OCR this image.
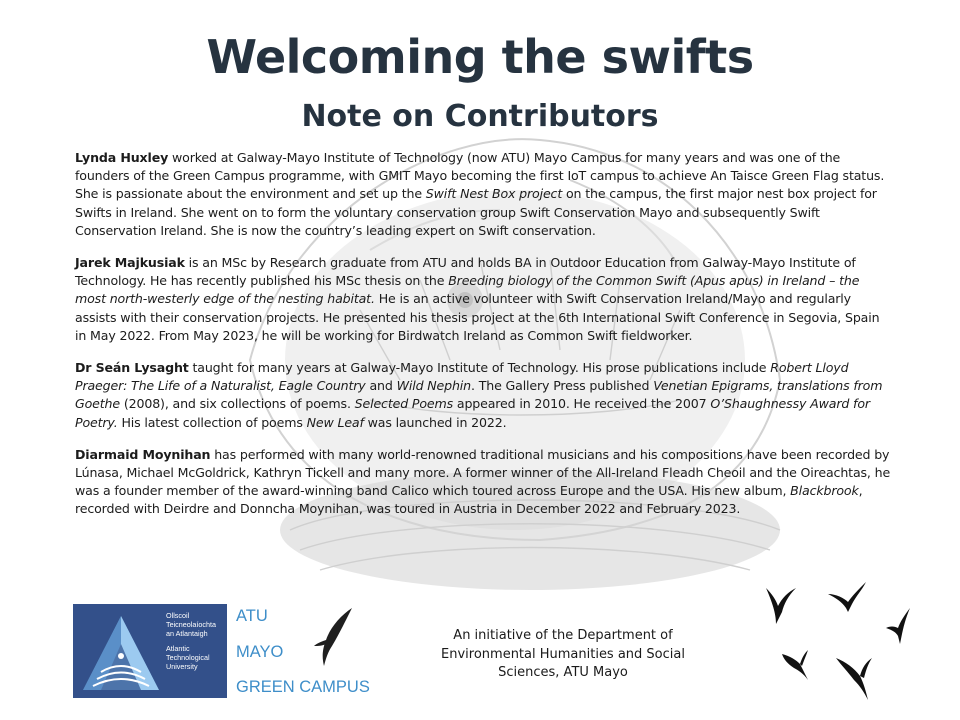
Welcoming the swifts
Note on Contributors

Lynda Huxley worked at Galway-Mayo Institute of Technology (now ATU) Mayo Campus for many years and was one of the founders of the Green Campus programme, with GMIT Mayo becoming the first IoT campus to achieve An Taisce Green Flag status. She is passionate about the environment and set up the Swift Nest Box project on the campus, the first major nest box project for Swifts in Ireland. She went on to form the voluntary conservation group Swift Conservation Mayo and subsequently Swift Conservation Ireland. She is now the country’s leading expert on Swift conservation.

Jarek Majkusiak is an MSc by Research graduate from ATU and holds BA in Outdoor Education from Galway-Mayo Institute of Technology. He has recently published his MSc thesis on the Breeding biology of the Common Swift (Apus apus) in Ireland – the most north-westerly edge of the nesting habitat. He is an active volunteer with Swift Conservation Ireland/Mayo and regularly assists with their conservation projects. He presented his thesis project at the 6th International Swift Conference in Segovia, Spain in May 2022. From May 2023, he will be working for Birdwatch Ireland as Common Swift fieldworker.

Dr Seán Lysaght taught for many years at Galway-Mayo Institute of Technology. His prose publications include Robert Lloyd Praeger: The Life of a Naturalist, Eagle Country and Wild Nephin. The Gallery Press published Venetian Epigrams, translations from Goethe (2008), and six collections of poems. Selected Poems appeared in 2010. He received the 2007 O’Shaughnessy Award for Poetry. His latest collection of poems New Leaf was launched in 2022.

Diarmaid Moynihan has performed with many world-renowned traditional musicians and his compositions have been recorded by Lúnasa, Michael McGoldrick, Kathryn Tickell and many more. A former winner of the All-Ireland Fleadh Cheoil and the Oireachtas, he was a founder member of the award-winning band Calico which toured across Europe and the USA. His new album, Blackbrook, recorded with Deirdre and Donncha Moynihan, was toured in Austria in December 2022 and February 2023.

Ollscoil
Teicneolaíochta
an Atlantaigh
Atlantic
Technological
University
ATU
MAYO
GREEN CAMPUS
An initiative of the Department of
Environmental Humanities and Social
Sciences, ATU Mayo
